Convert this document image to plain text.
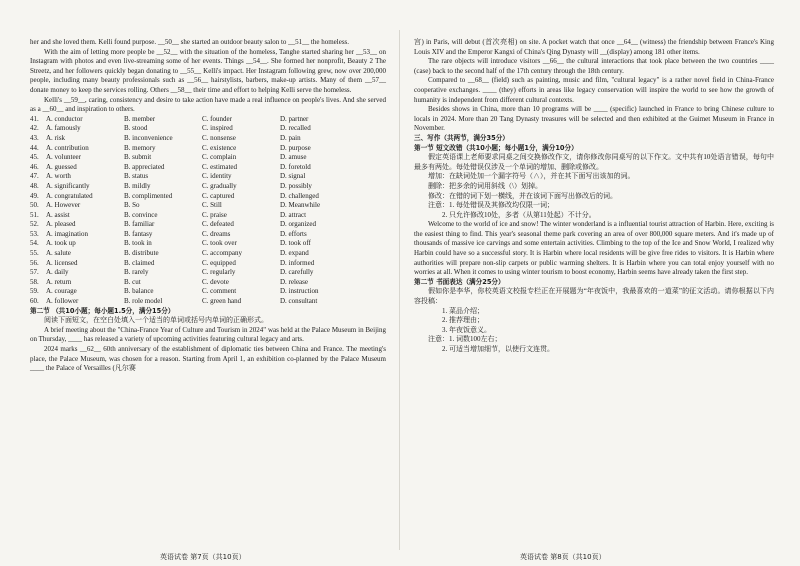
her and she loved them. Kelli found purpose. __50__ she started an outdoor beauty salon to __51__ the homeless.

With the aim of letting more people be __52__ with the situation of the homeless, Tanghe started sharing her __53__ on Instagram with photos and even live-streaming some of her events. Things __54__. She formed her nonprofit, Beauty 2 The Streetz, and her followers quickly began donating to __55__ Kelli's impact. Her Instagram following grew, now over 200,000 people, including many beauty professionals such as __56__ hairstylists, barbers, make-up artists. Many of them __57__ donate money to keep the services rolling. Others __58__ their time and effort to helping Kelli serve the homeless.

Kelli's __59__, caring, consistency and desire to take action have made a real influence on people's lives. And she served as a __60__ and inspiration to others.

41.	A. conductor	B. member	C. founder	D. partner
42.	A. famously	B. stood	C. inspired	D. recalled
43.	A. risk	B. inconvenience	C. nonsense	D. pain
44.	A. contribution	B. memory	C. existence	D. purpose
45.	A. volunteer	B. submit	C. complain	D. amuse
46.	A. guessed	B. appreciated	C. estimated	D. foretold
47.	A. worth	B. status	C. identity	D. signal
48.	A. significantly	B. mildly	C. gradually	D. possibly
49.	A. congratulated	B. complimented	C. captured	D. challenged
50.	A. However	B. So	C. Still	D. Meanwhile
51.	A. assist	B. convince	C. praise	D. attract
52.	A. pleased	B. familiar	C. defeated	D. organized
53.	A. imagination	B. fantasy	C. dreams	D. efforts
54.	A. took up	B. took in	C. took over	D. took off
55.	A. salute	B. distribute	C. accompany	D. expand
56.	A. licensed	B. claimed	C. equipped	D. informed
57.	A. daily	B. rarely	C. regularly	D. carefully
58.	A. return	B. cut	C. devote	D. release
59.	A. courage	B. balance	C. comment	D. instruction
60.	A. follower	B. role model	C. green hand	D. consultant
第二节 （共10小题；每小题1.5分，满分15分）

阅读下面短文，在空白处填入一个适当的单词或括号内单词的正确形式。

A brief meeting about the "China-France Year of Culture and Tourism in 2024" was held at the Palace Museum in Beijing on Thursday, ____ has released a variety of upcoming activities featuring cultural legacy and arts.

2024 marks __62__ 60th anniversary of the establishment of diplomatic ties between China and France. The meeting's place, the Palace Museum, was chosen for a reason. Starting from April 1, an exhibition co-planned by the Palace Museum ____ the Palace of Versailles (凡尔赛

宫) in Paris, will debut (首次亮相) on site. A pocket watch that once __64__ (witness) the friendship between France's King Louis XIV and the Emperor Kangxi of China's Qing Dynasty will __(display) among 181 other items.

The rare objects will introduce visitors __66__ the cultural interactions that took place between the two countries ____ (case) back to the second half of the 17th century through the 18th century.

Compared to __68__ (field) such as painting, music and film, "cultural legacy" is a rather novel field in China-France cooperative exchanges. ____ (they) efforts in areas like legacy conservation will inspire the world to see how the growth of humanity is independent from different cultural contexts.

Besides shows in China, more than 10 programs will be ____ (specific) launched in France to bring Chinese culture to locals in 2024. More than 20 Tang Dynasty treasures will be selected and then exhibited at the Guimet Museum in France in November.

三、写作（共两节，满分35分）
第一节 短文改错（共10小题；每小题1分，满分10分）

假定英语课上老师要求同桌之间交换修改作文，请你修改你同桌写的以下作文。文中共有10处语言错误，每句中最多有两处。每处错误仅涉及一个单词的增加、删除或修改。

增加：在缺词处加一个漏字符号（∧），并在其下面写出该加的词。

删除：把多余的词用斜线（\）划掉。

修改：在错的词下划一横线，并在该词下面写出修改后的词。

注意：1. 每处错误及其修改均仅限一词；

2. 只允许修改10处，多者（从第11处起）不计分。

Welcome to the world of ice and snow! The winter wonderland is a influential tourist attraction of Harbin. Here, exciting is the easiest thing to find. This year's seasonal theme park covering an area of over 800,000 square meters. And it's made up of thousands of massive ice carvings and some entertain activities. Climbing to the top of the Ice and Snow World, I realized why Harbin could have so a successful story. It is Harbin where local residents will be give free rides to visitors. It is Harbin where authorities will prepare non-slip carpets or public warming shelters. It is Harbin where you can total enjoy yourself with no worries at all. When it comes to using winter tourism to boost economy, Harbin seems have already taken the first step.

第二节 书面表达（满分25分）

假如你是李华，你校英语文校报专栏正在开展题为“年夜饭中，我最喜欢的一道菜”的征文活动。请你根据以下内容投稿：

1. 菜品介绍；
2. 推荐理由；
3. 年夜饭意义。

注意：1. 词数100左右；

2. 可适当增加细节，以使行文连贯。

英语试卷 第7页（共10页）	英语试卷 第8页（共10页）
